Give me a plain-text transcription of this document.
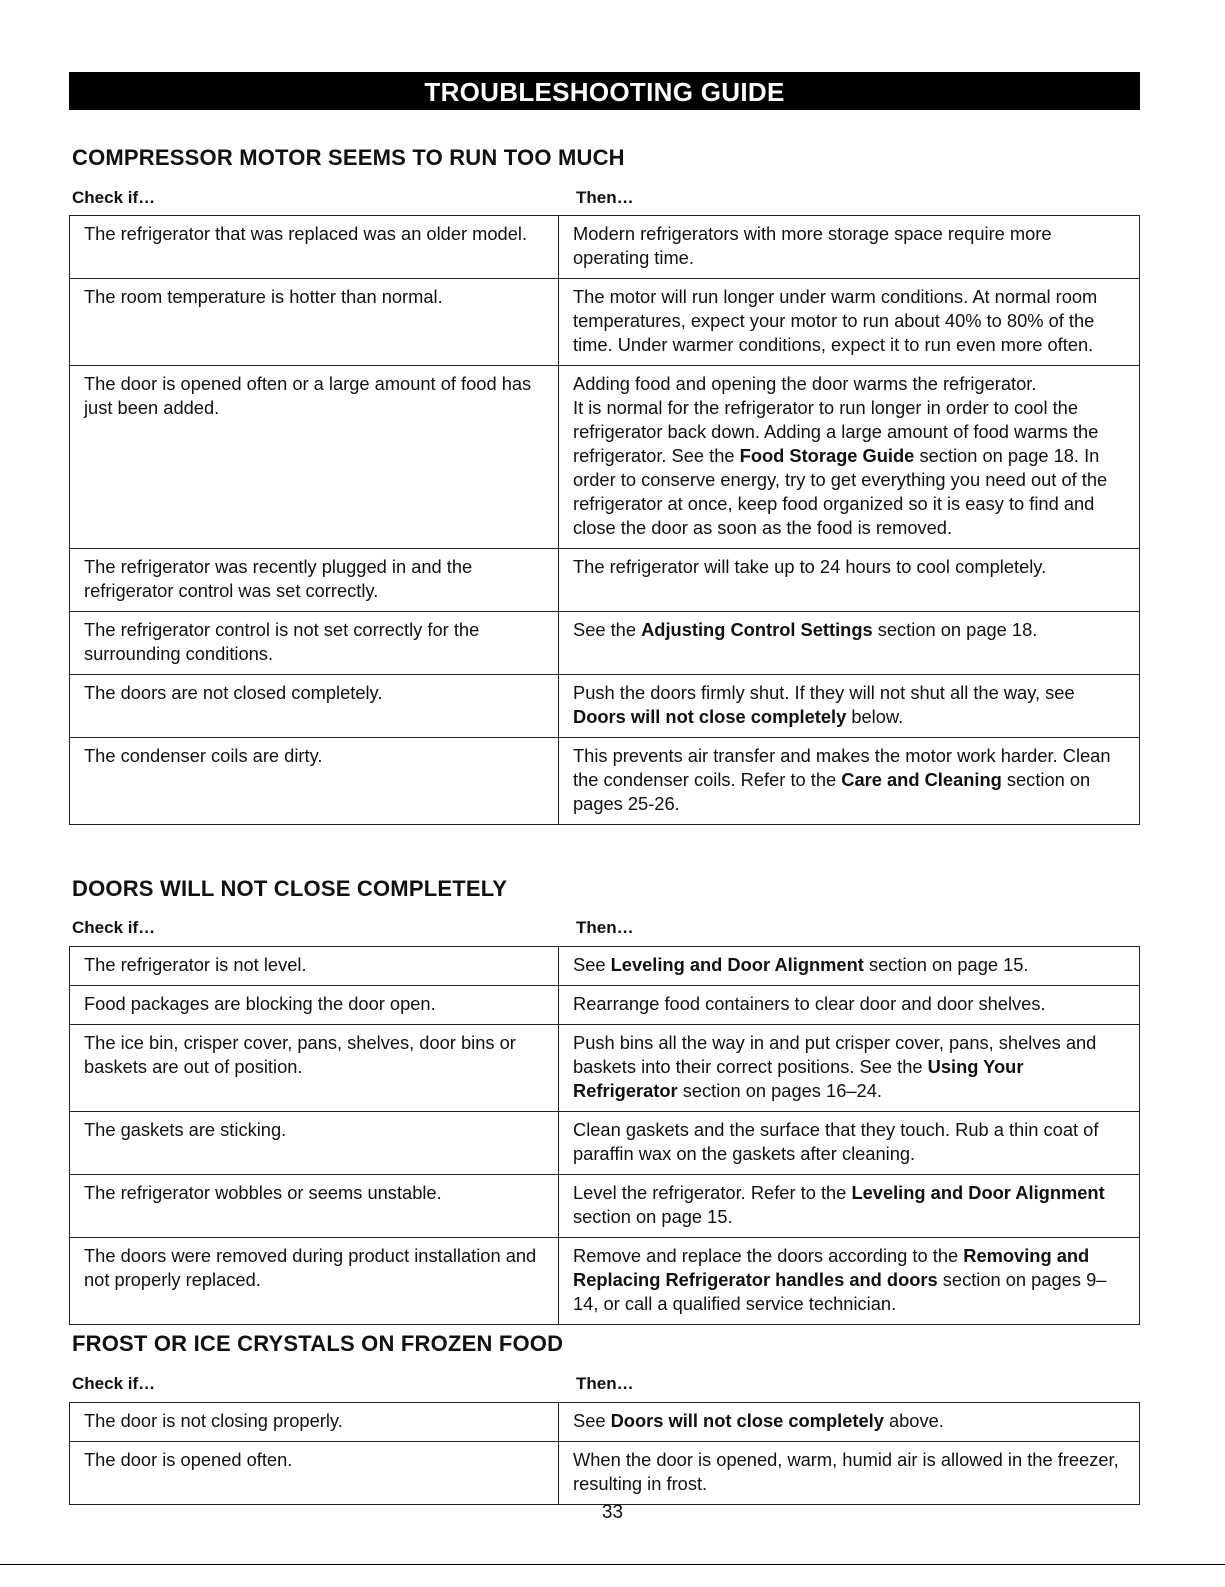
TROUBLESHOOTING GUIDE
COMPRESSOR MOTOR SEEMS TO RUN TOO MUCH
Check if…	Then…
The refrigerator that was replaced was an older model.	Modern refrigerators with more storage space require more operating time.
The room temperature is hotter than normal.	The motor will run longer under warm conditions. At normal room temperatures, expect your motor to run about 40% to 80% of the time. Under warmer conditions, expect it to run even more often.
The door is opened often or a large amount of food has just been added.	Adding food and opening the door warms the refrigerator.
It is normal for the refrigerator to run longer in order to cool the refrigerator back down. Adding a large amount of food warms the refrigerator. See the Food Storage Guide section on page 18. In order to conserve energy, try to get everything you need out of the refrigerator at once, keep food organized so it is easy to find and close the door as soon as the food is removed.
The refrigerator was recently plugged in and the refrigerator control was set correctly.	The refrigerator will take up to 24 hours to cool completely.
The refrigerator control is not set correctly for the surrounding conditions.	See the Adjusting Control Settings section on page 18.
The doors are not closed completely.	Push the doors firmly shut. If they will not shut all the way, see Doors will not close completely below.
The condenser coils are dirty.	This prevents air transfer and makes the motor work harder. Clean the condenser coils. Refer to the Care and Cleaning section on pages 25-26.
DOORS WILL NOT CLOSE COMPLETELY
Check if…	Then…
The refrigerator is not level.	See Leveling and Door Alignment section on page 15.
Food packages are blocking the door open.	Rearrange food containers to clear door and door shelves.
The ice bin, crisper cover, pans, shelves, door bins or baskets are out of position.	Push bins all the way in and put crisper cover, pans, shelves and baskets into their correct positions. See the Using Your Refrigerator section on pages 16–24.
The gaskets are sticking.	Clean gaskets and the surface that they touch. Rub a thin coat of paraffin wax on the gaskets after cleaning.
The refrigerator wobbles or seems unstable.	Level the refrigerator. Refer to the Leveling and Door Alignment section on page 15.
The doors were removed during product installation and not properly replaced.	Remove and replace the doors according to the Removing and Replacing Refrigerator handles and doors section on pages 9–14, or call a qualified service technician.
FROST OR ICE CRYSTALS ON FROZEN FOOD
Check if…	Then…
The door is not closing properly.	See Doors will not close completely above.
The door is opened often.	When the door is opened, warm, humid air is allowed in the freezer, resulting in frost.
33
